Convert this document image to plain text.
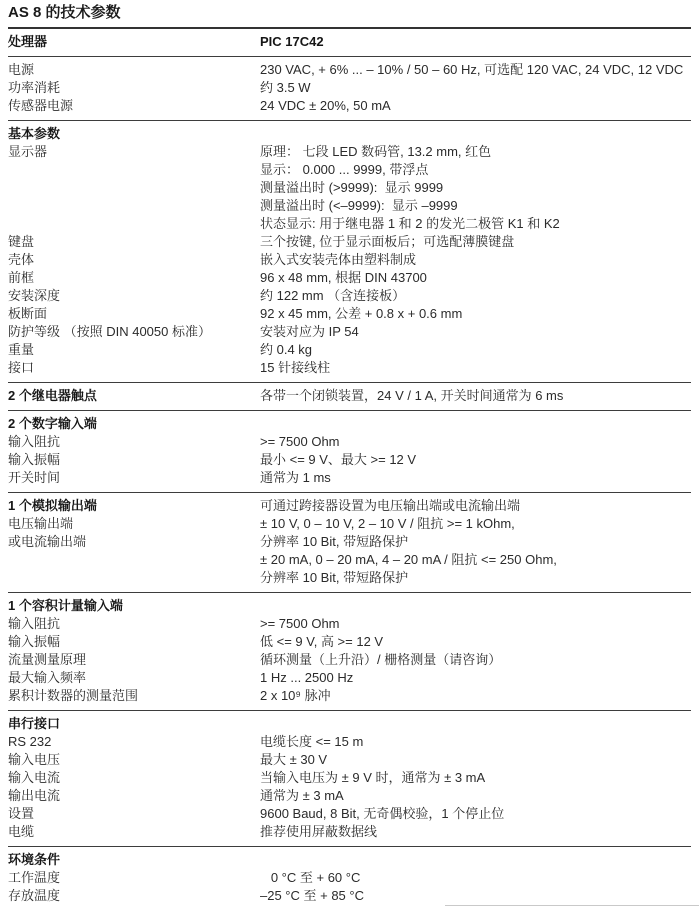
AS 8 的技术参数
处理器	PIC 17C42
电源	230 VAC, + 6% ... – 10% / 50 – 60 Hz, 可选配 120 VAC, 24 VDC, 12 VDC
功率消耗	约 3.5 W
传感器电源	24 VDC ± 20%, 50 mA
基本参数
显示器	原理： 七段 LED 数码管, 13.2 mm, 红色
显示： 0.000 ... 9999, 带浮点
测量溢出时 (>9999):  显示 9999
测量溢出时 (<–9999):  显示 –9999
状态显示: 用于继电器 1 和 2 的发光二极管 K1 和 K2
键盘	三个按键, 位于显示面板后；可选配薄膜键盘
壳体	嵌入式安装壳体由塑料制成
前框	96 x 48 mm, 根据 DIN 43700
安装深度	约 122 mm （含连接板）
板断面	92 x 45 mm, 公差 + 0.8 x + 0.6 mm
防护等级 （按照 DIN 40050 标准）	安装对应为 IP 54
重量	约 0.4 kg
接口	15 针接线柱
2 个继电器触点	各带一个闭锁装置，24 V / 1 A, 开关时间通常为 6 ms
2 个数字输入端
输入阻抗	>= 7500 Ohm
输入振幅	最小 <= 9 V、最大 >= 12 V
开关时间	通常为 1 ms
1 个模拟输出端	可通过跨接器设置为电压输出端或电流输出端
电压输出端	± 10 V, 0 – 10 V, 2 – 10 V / 阻抗 >= 1 kOhm,
或电流输出端	分辨率 10 Bit, 带短路保护
± 20 mA, 0 – 20 mA, 4 – 20 mA / 阻抗 <= 250 Ohm,
分辨率 10 Bit, 带短路保护
1 个容积计量输入端
输入阻抗	>= 7500 Ohm
输入振幅	低 <= 9 V, 高 >= 12 V
流量测量原理	循环测量（上升沿）/ 栅格测量（请咨询）
最大输入频率	1 Hz ... 2500 Hz
累积计数器的测量范围	2 x 10⁹ 脉冲
串行接口
RS 232	电缆长度 <= 15 m
输入电压	最大 ± 30 V
输入电流	当输入电压为 ± 9 V 时，通常为 ± 3 mA
输出电流	通常为 ± 3 mA
设置	9600 Baud, 8 Bit, 无奇偶校验，1 个停止位
电缆	推荐使用屏蔽数据线
环境条件
工作温度	0 °C 至 + 60 °C
存放温度	–25 °C 至 + 85 °C
